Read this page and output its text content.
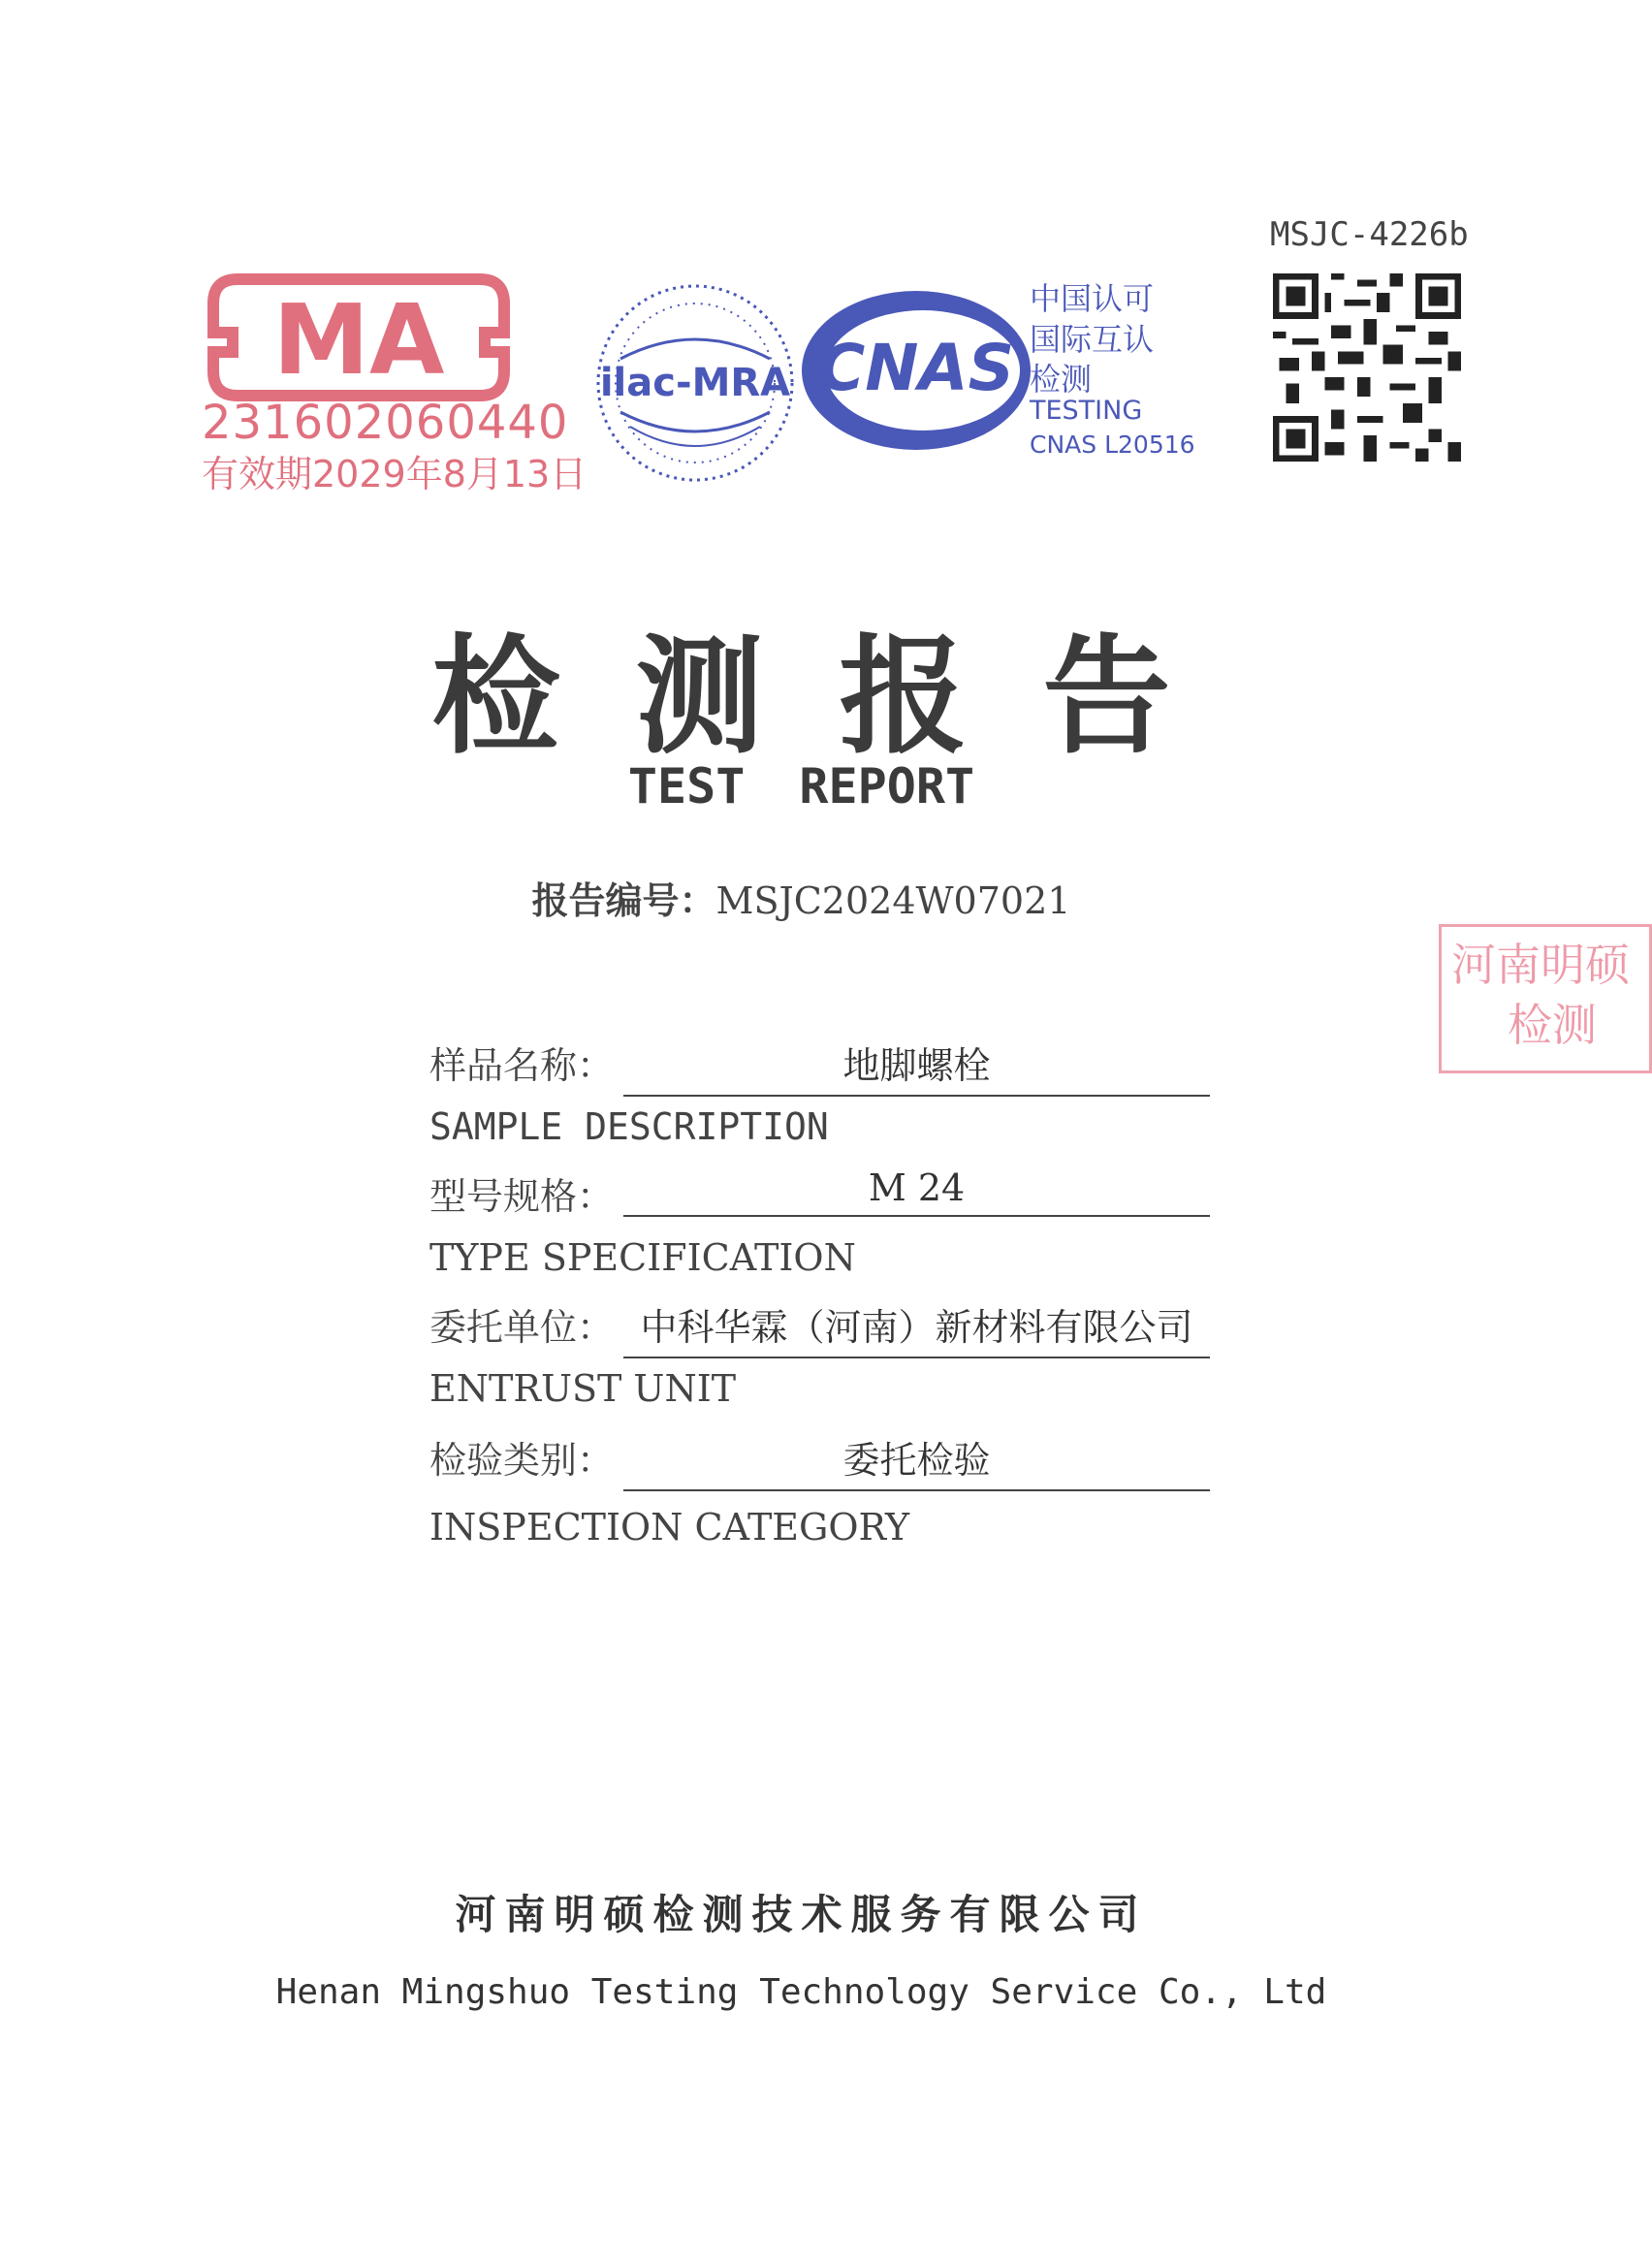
MA
231602060440
有效期2029年8月13日
ilac-MRA CNAS
中国认可
国际互认
检测
TESTING
CNAS L20516
MSJC-4226b
河南明硕
检测
检测报告
TEST REPORT
报告编号：MSJC2024W07021
样品名称：	地脚螺栓
SAMPLE DESCRIPTION
型号规格：	M 24
TYPE SPECIFICATION
委托单位： 中科华霖（河南）新材料有限公司
ENTRUST UNIT
检验类别：	委托检验
INSPECTION CATEGORY
河南明硕检测技术服务有限公司
Henan Mingshuo Testing Technology Service Co., Ltd
